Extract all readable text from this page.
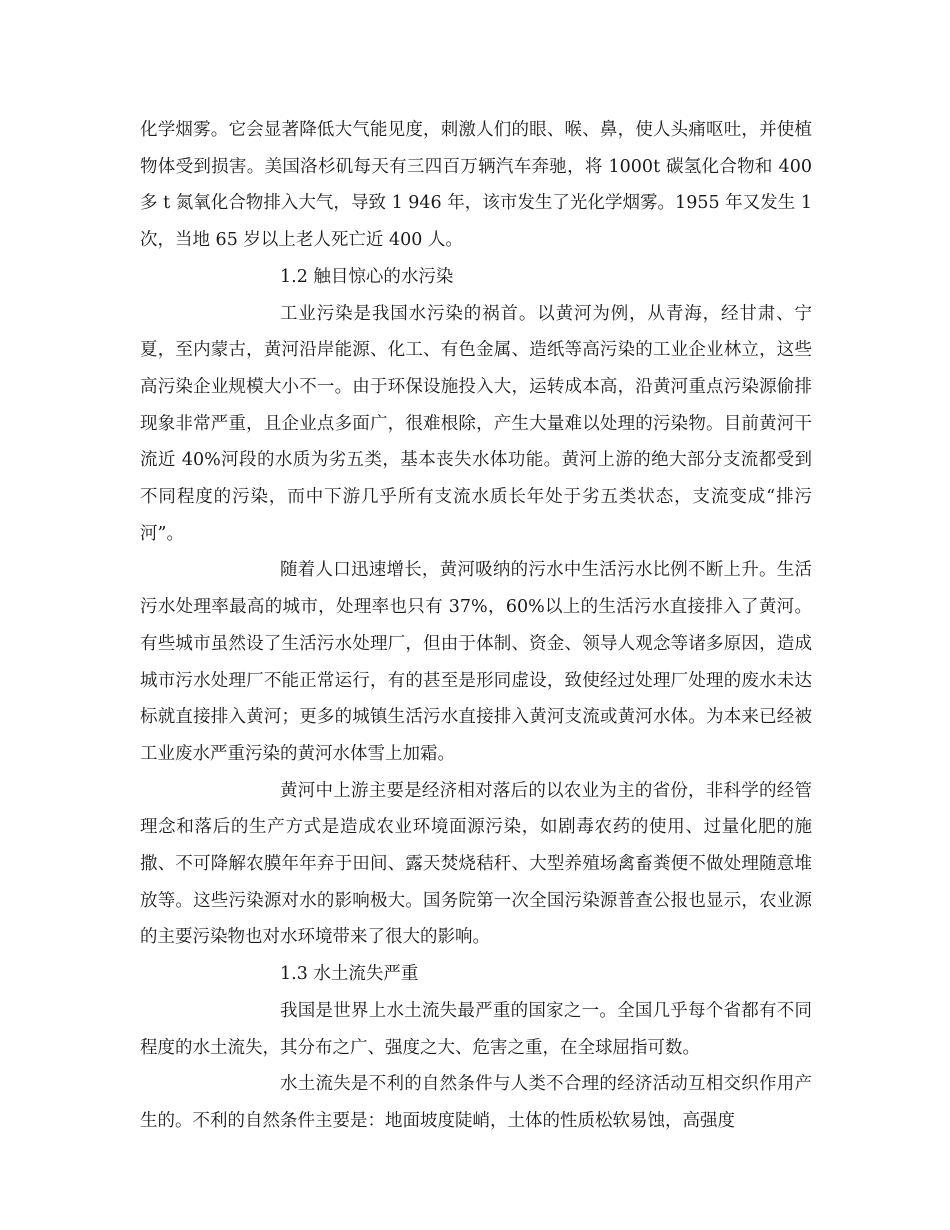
化学烟雾。它会显著降低大气能见度，刺激人们的眼、喉、鼻，使人头痛呕吐，并使植物体受到损害。美国洛杉矶每天有三四百万辆汽车奔驰，将 1000t 碳氢化合物和 400 多 t 氮氧化合物排入大气，导致 1 946 年，该市发生了光化学烟雾。1955 年又发生 1 次，当地 65 岁以上老人死亡近 400 人。

1.2 触目惊心的水污染

工业污染是我国水污染的祸首。以黄河为例，从青海，经甘肃、宁夏，至内蒙古，黄河沿岸能源、化工、有色金属、造纸等高污染的工业企业林立，这些高污染企业规模大小不一。由于环保设施投入大，运转成本高，沿黄河重点污染源偷排现象非常严重，且企业点多面广，很难根除，产生大量难以处理的污染物。目前黄河干流近 40%河段的水质为劣五类，基本丧失水体功能。黄河上游的绝大部分支流都受到不同程度的污染，而中下游几乎所有支流水质长年处于劣五类状态，支流变成“排污河”。

随着人口迅速增长，黄河吸纳的污水中生活污水比例不断上升。生活污水处理率最高的城市，处理率也只有 37%，60%以上的生活污水直接排入了黄河。有些城市虽然设了生活污水处理厂，但由于体制、资金、领导人观念等诸多原因，造成城市污水处理厂不能正常运行，有的甚至是形同虚设，致使经过处理厂处理的废水未达标就直接排入黄河；更多的城镇生活污水直接排入黄河支流或黄河水体。为本来已经被工业废水严重污染的黄河水体雪上加霜。

黄河中上游主要是经济相对落后的以农业为主的省份，非科学的经管理念和落后的生产方式是造成农业环境面源污染，如剧毒农药的使用、过量化肥的施撒、不可降解农膜年年弃于田间、露天焚烧秸秆、大型养殖场禽畜粪便不做处理随意堆放等。这些污染源对水的影响极大。国务院第一次全国污染源普查公报也显示，农业源的主要污染物也对水环境带来了很大的影响。

1.3 水土流失严重

我国是世界上水土流失最严重的国家之一。全国几乎每个省都有不同程度的水土流失，其分布之广、强度之大、危害之重，在全球屈指可数。

水土流失是不利的自然条件与人类不合理的经济活动互相交织作用产生的。不利的自然条件主要是：地面坡度陡峭，土体的性质松软易蚀，高强度
